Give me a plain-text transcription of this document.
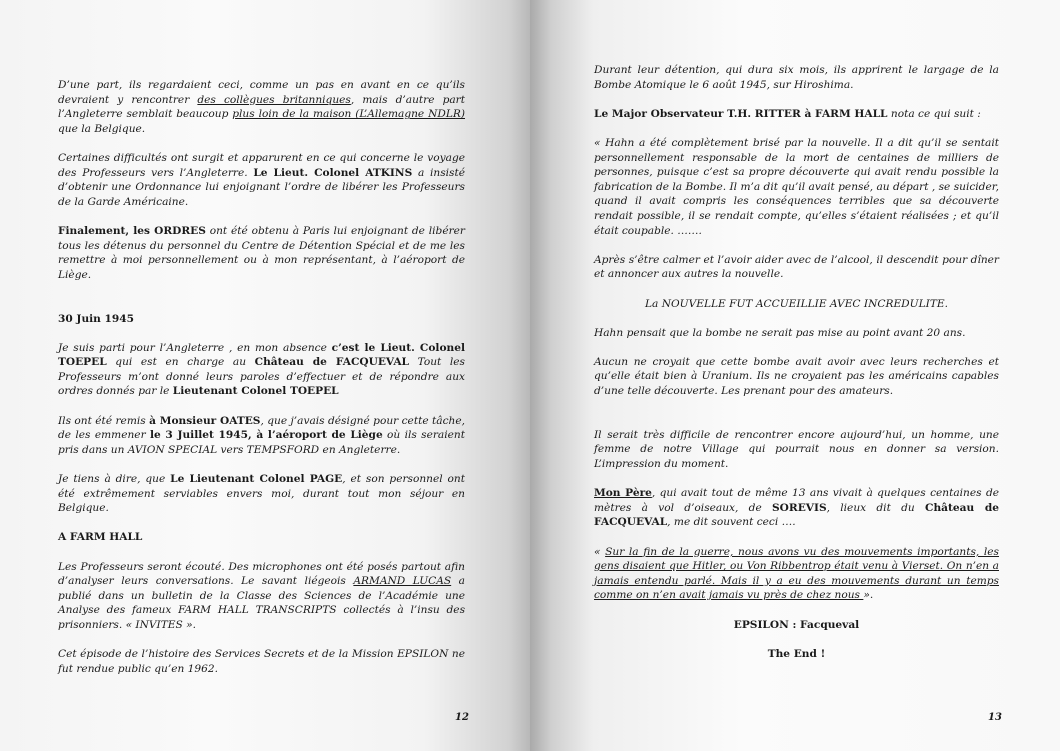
D’une part, ils regardaient ceci, comme un pas en avant en ce qu’ils devraient y rencontrer des collègues britanniques, mais d’autre part l’Angleterre semblait beaucoup plus loin de la maison (L’Allemagne NDLR) que la Belgique.

Certaines difficultés ont surgit et apparurent en ce qui concerne le voyage des Professeurs vers l’Angleterre. Le Lieut. Colonel ATKINS a insisté d’obtenir une Ordonnance lui enjoignant l’ordre de libérer les Professeurs de la Garde Américaine.

Finalement, les ORDRES ont été obtenu à Paris lui enjoignant de libérer tous les détenus du personnel du Centre de Détention Spécial et de me les remettre à moi personnellement ou à mon représentant, à l’aéroport de Liège.

30 Juin 1945

Je suis parti pour l’Angleterre , en mon absence c’est le Lieut. Colonel TOEPEL qui est en charge au Château de FACQUEVAL Tout les Professeurs m’ont donné leurs paroles d’effectuer et de répondre aux ordres donnés par le Lieutenant Colonel TOEPEL

Ils ont été remis à Monsieur OATES, que j’avais désigné pour cette tâche, de les emmener le 3 Juillet 1945, à l’aéroport de Liège où ils seraient pris dans un AVION SPECIAL vers TEMPSFORD en Angleterre.

Je tiens à dire, que Le Lieutenant Colonel PAGE, et son personnel ont été extrêmement serviables envers moi, durant tout mon séjour en Belgique.

A FARM HALL

Les Professeurs seront écouté. Des microphones ont été posés partout afin d’analyser leurs conversations. Le savant liégeois ARMAND LUCAS a publié dans un bulletin de la Classe des Sciences de l’Académie une Analyse des fameux FARM HALL TRANSCRIPTS collectés à l’insu des prisonniers. « INVITES ».

Cet épisode de l’histoire des Services Secrets et de la Mission EPSILON ne fut rendue public qu’en 1962.

12

Durant leur détention, qui dura six mois, ils apprirent le largage de la Bombe Atomique le 6 août 1945, sur Hiroshima.

Le Major Observateur T.H. RITTER à FARM HALL nota ce qui suit :

« Hahn a été complètement brisé par la nouvelle. Il a dit qu’il se sentait personnellement responsable de la mort de centaines de milliers de personnes, puisque c’est sa propre découverte qui avait rendu possible la fabrication de la Bombe. Il m’a dit qu’il avait pensé, au départ , se suicider, quand il avait compris les conséquences terribles que sa découverte rendait possible, il se rendait compte, qu’elles s’étaient réalisées ; et qu’il était coupable. …….

Après s’être calmer et l’avoir aider avec de l’alcool, il descendit pour dîner et annoncer aux autres la nouvelle.

La NOUVELLE FUT ACCUEILLIE AVEC INCREDULITE.

Hahn pensait que la bombe ne serait pas mise au point avant 20 ans.

Aucun ne croyait que cette bombe avait avoir avec leurs recherches et qu’elle était bien à Uranium. Ils ne croyaient pas les américains capables d’une telle découverte. Les prenant pour des amateurs.

Il serait très difficile de rencontrer encore aujourd’hui, un homme, une femme de notre Village qui pourrait nous en donner sa version. L’impression du moment.

Mon Père, qui avait tout de même 13 ans vivait à quelques centaines de mètres à vol d’oiseaux, de SOREVIS, lieux dit du Château de FACQUEVAL, me dit souvent ceci ….

« Sur la fin de la guerre, nous avons vu des mouvements importants, les gens disaient que Hitler, ou Von Ribbentrop était venu à Vierset. On n’en a jamais entendu parlé. Mais il y a eu des mouvements durant un temps comme on n’en avait jamais vu près de chez nous ».

EPSILON : Facqueval

The End !

13
